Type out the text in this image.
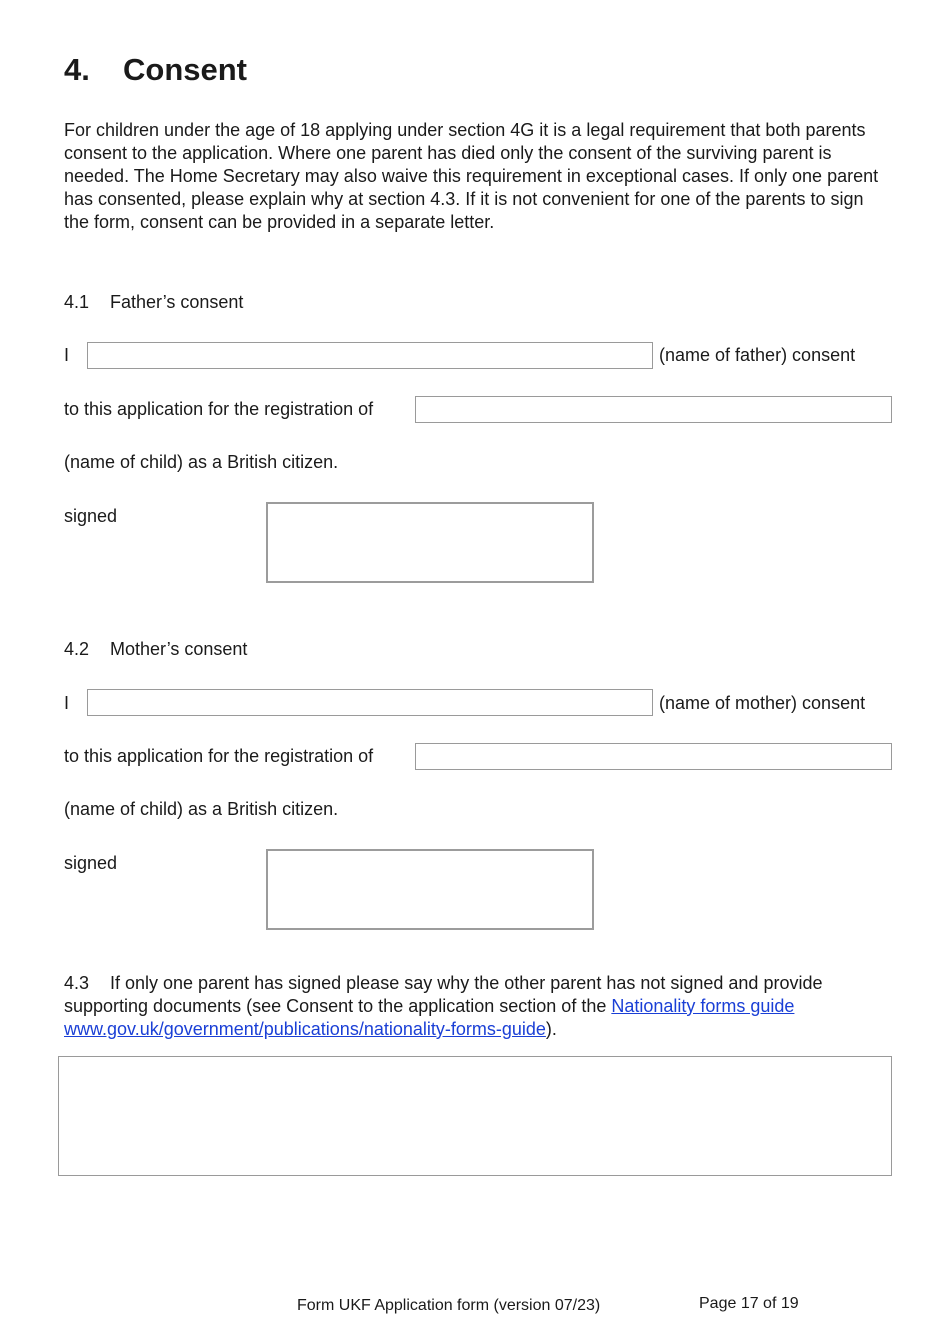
4.	Consent
For children under the age of 18 applying under section 4G it is a legal requirement that both parents consent to the application. Where one parent has died only the consent of the surviving parent is needed. The Home Secretary may also waive this requirement in exceptional cases. If only one parent has consented, please explain why at section 4.3. If it is not convenient for one of the parents to sign the form, consent can be provided in a separate letter.
4.1 Father’s consent
I	(name of father) consent
to this application for the registration of
(name of child) as a British citizen.
signed
4.2 Mother’s consent
I	(name of mother) consent
to this application for the registration of
(name of child) as a British citizen.
signed
4.3 If only one parent has signed please say why the other parent has not signed and provide supporting documents (see Consent to the application section of the Nationality forms guide www.gov.uk/government/publications/nationality-forms-guide).
Form UKF Application form (version 07/23)	Page 17 of 19
